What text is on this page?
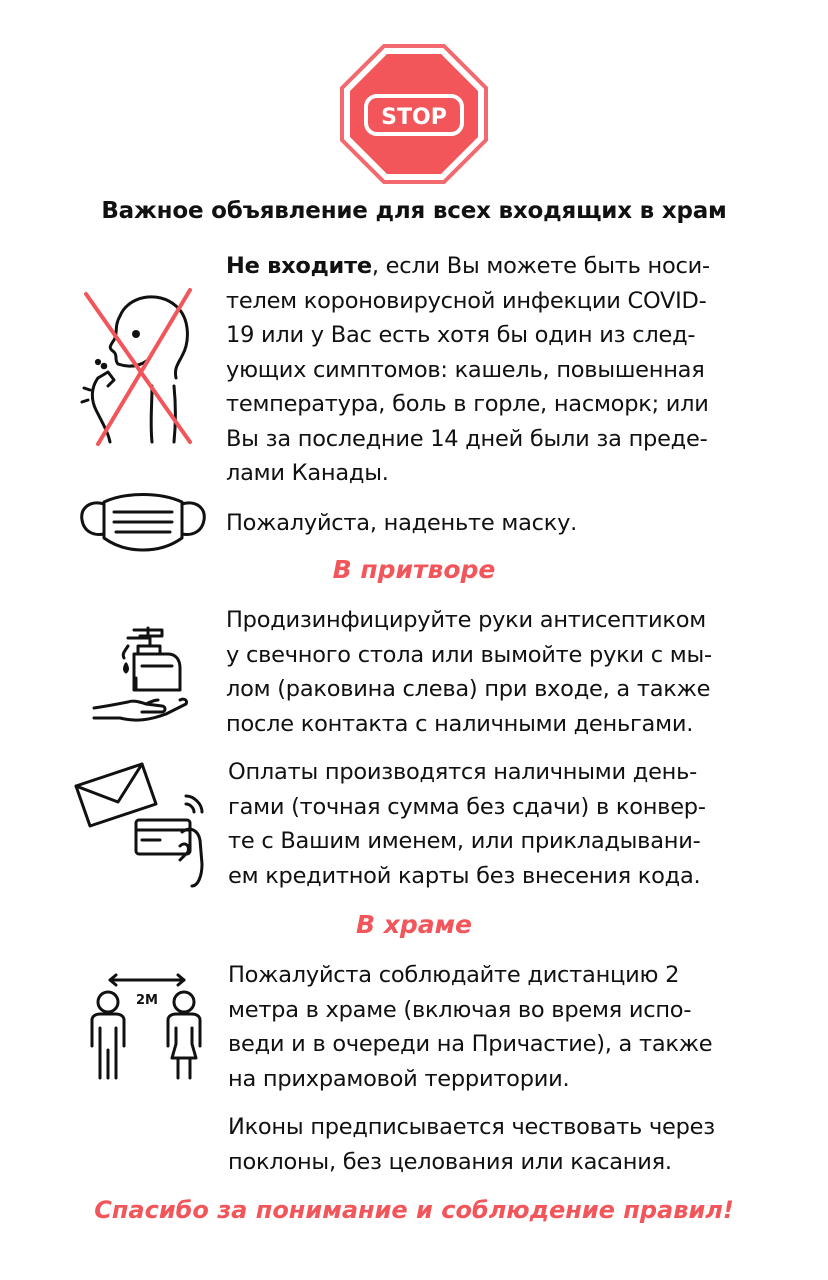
STOP
Важное объявление для всех входящих в храм
Не входите, если Вы можете быть носи-
телем короновирусной инфекции COVID-
19 или у Вас есть хотя бы один из след-
ующих симптомов: кашель, повышенная
температура, боль в горле, насморк; или
Вы за последние 14 дней были за преде-
лами Канады.
Пожалуйста, наденьте маску.
В притворе
Продизинфицируйте руки антисептиком
у свечного стола или вымойте руки с мы-
лом (раковина слева) при входе, а также
после контакта с наличными деньгами.
Оплаты производятся наличными день-
гами (точная сумма без сдачи) в конвер-
те с Вашим именем, или прикладывани-
ем кредитной карты без внесения кода.
В храме
2M
Пожалуйста соблюдайте дистанцию 2
метра в храме (включая во время испо-
веди и в очереди на Причастие), а также
на прихрамовой территории.
Иконы предписывается чествовать через
поклоны, без целования или касания.
Спасибо за понимание и соблюдение правил!
